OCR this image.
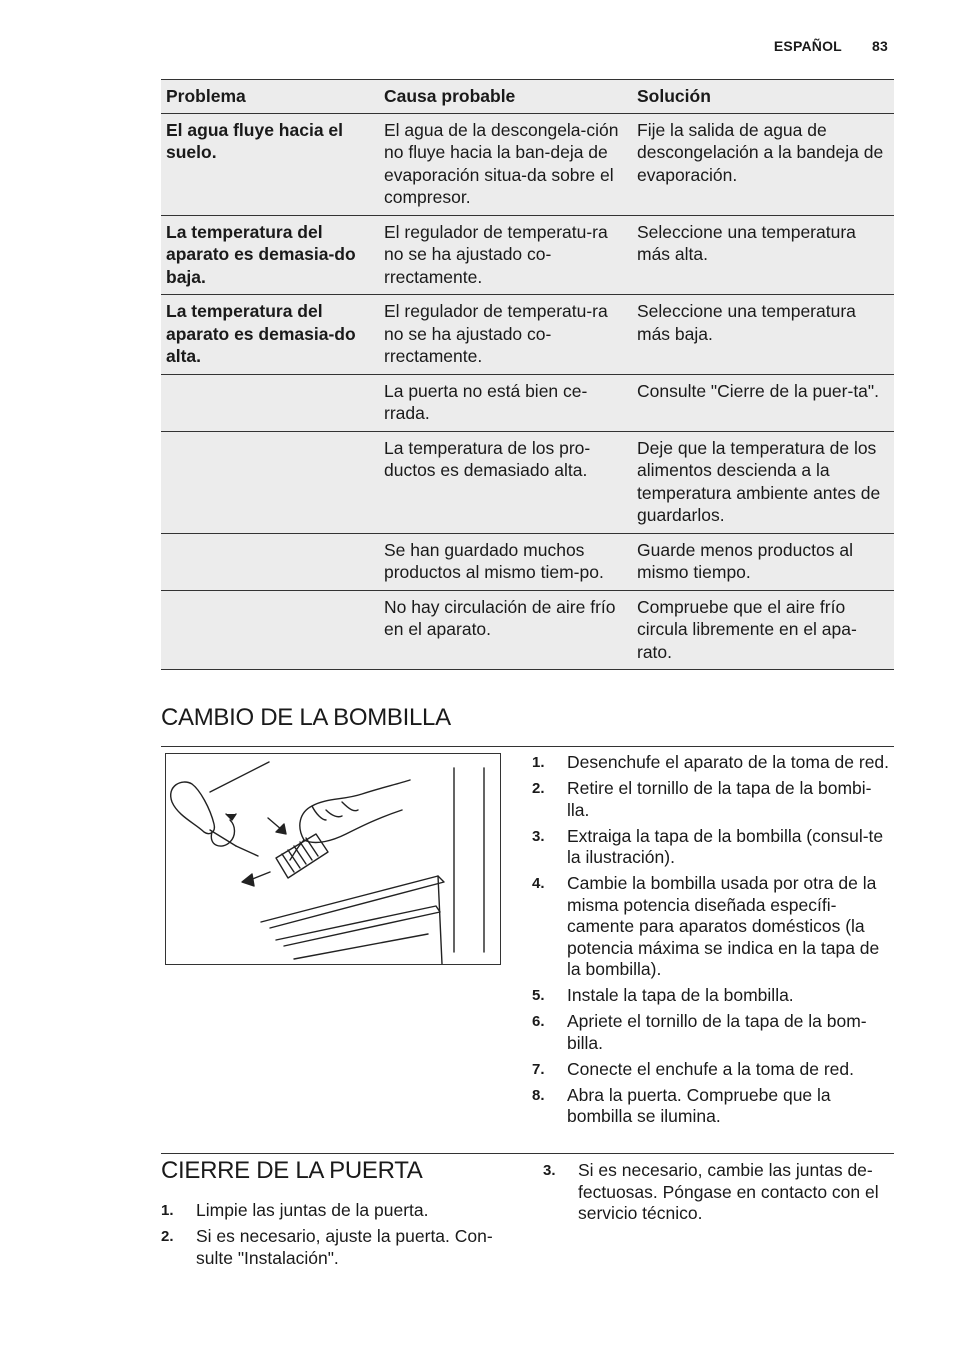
ESPAÑOL 83
Problema	Causa probable	Solución
El agua fluye hacia el suelo.	El agua de la descongela-ción no fluye hacia la ban-deja de evaporación situa-da sobre el compresor.	Fije la salida de agua de descongelación a la bandeja de evaporación.
La temperatura del aparato es demasia-do baja.	El regulador de temperatu-ra no se ha ajustado co-rrectamente.	Seleccione una temperatura más alta.
La temperatura del aparato es demasia-do alta.	El regulador de temperatu-ra no se ha ajustado co-rrectamente.	Seleccione una temperatura más baja.
	La puerta no está bien ce-rrada.	Consulte "Cierre de la puer-ta".
	La temperatura de los pro-ductos es demasiado alta.	Deje que la temperatura de los alimentos descienda a la temperatura ambiente antes de guardarlos.
	Se han guardado muchos productos al mismo tiem-po.	Guarde menos productos al mismo tiempo.
	No hay circulación de aire frío en el aparato.	Compruebe que el aire frío circula libremente en el apa-rato.
CAMBIO DE LA BOMBILLA
1. Desenchufe el aparato de la toma de red.
2. Retire el tornillo de la tapa de la bombi-lla.
3. Extraiga la tapa de la bombilla (consul-te la ilustración).
4. Cambie la bombilla usada por otra de la misma potencia diseñada específi-camente para aparatos domésticos (la potencia máxima se indica en la tapa de la bombilla).
5. Instale la tapa de la bombilla.
6. Apriete el tornillo de la tapa de la bom-billa.
7. Conecte el enchufe a la toma de red.
8. Abra la puerta. Compruebe que la bombilla se ilumina.
CIERRE DE LA PUERTA
1. Limpie las juntas de la puerta.
2. Si es necesario, ajuste la puerta. Con-sulte "Instalación".
3. Si es necesario, cambie las juntas de-fectuosas. Póngase en contacto con el servicio técnico.
